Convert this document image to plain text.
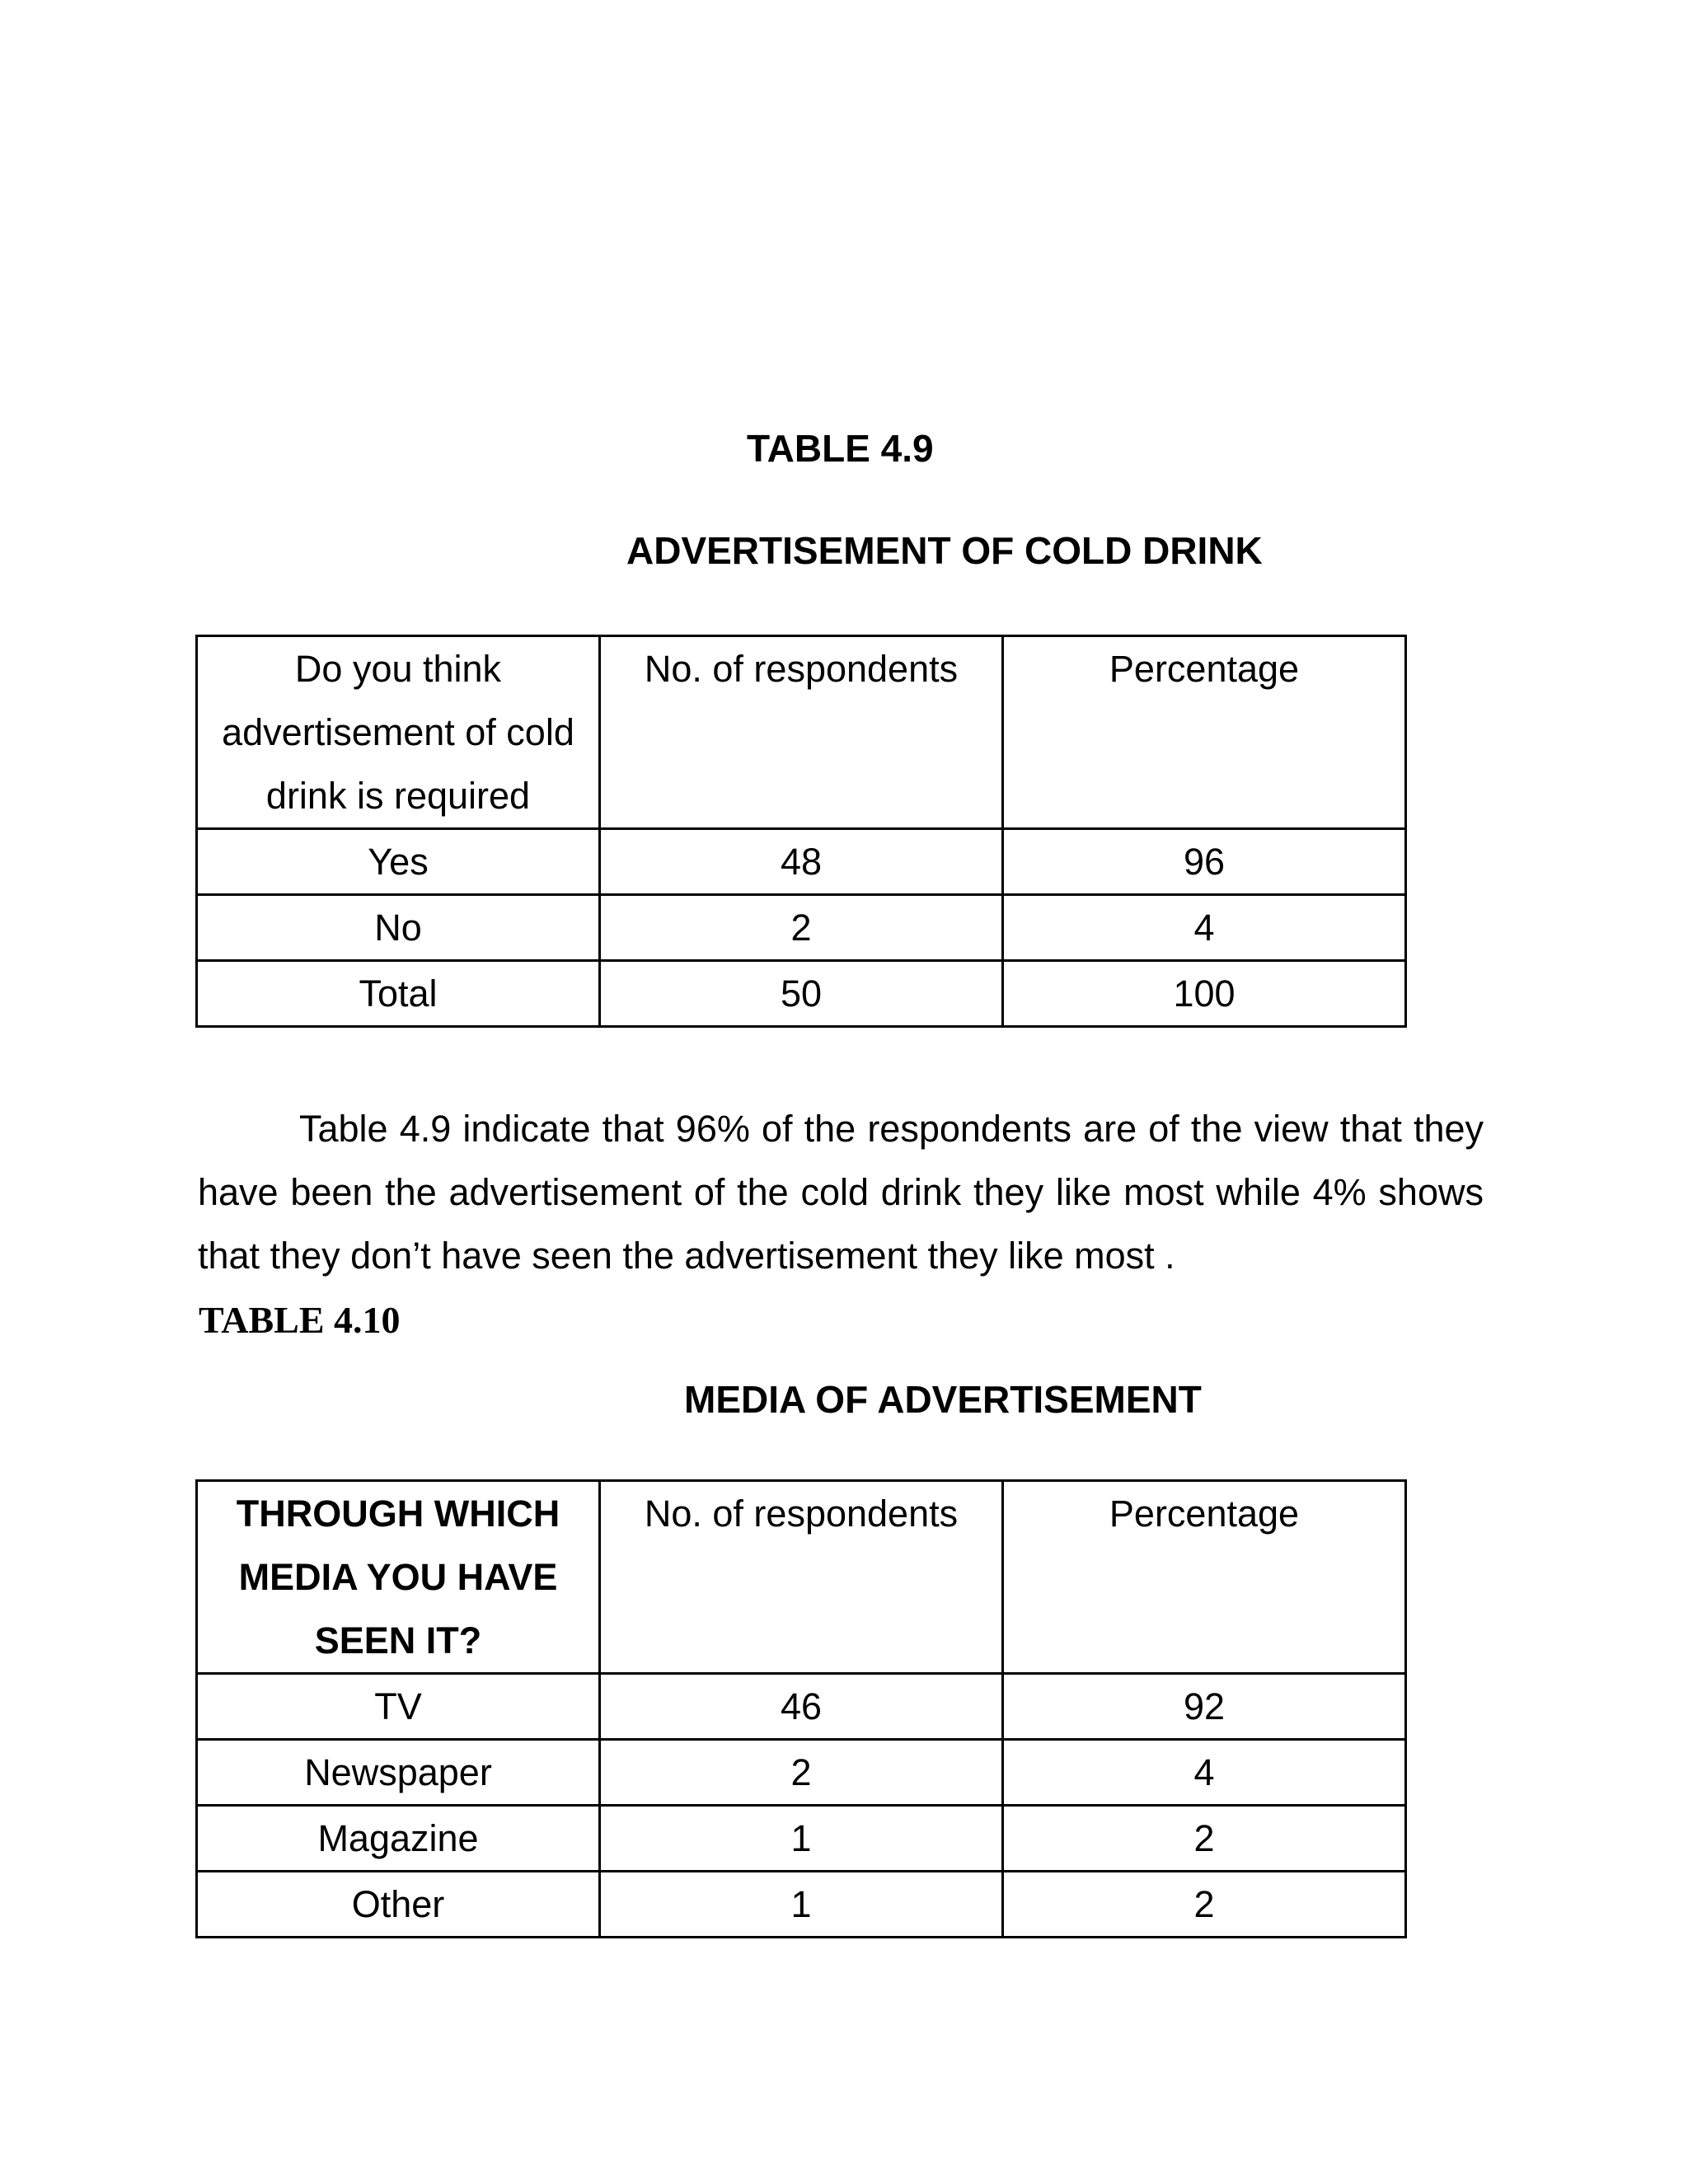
TABLE 4.9
ADVERTISEMENT OF COLD DRINK
Do you think
advertisement of cold
drink is required	No. of respondents	Percentage
Yes	48	96
No	2	4
Total	50	100

Table 4.9 indicate that 96% of the respondents are of the view that they have been the advertisement of the cold drink they like most while 4% shows that they don’t have seen the advertisement they like most .

TABLE 4.10
MEDIA OF ADVERTISEMENT
THROUGH WHICH
MEDIA YOU HAVE
SEEN IT?	No. of respondents	Percentage
TV	46	92
Newspaper	2	4
Magazine	1	2
Other	1	2
